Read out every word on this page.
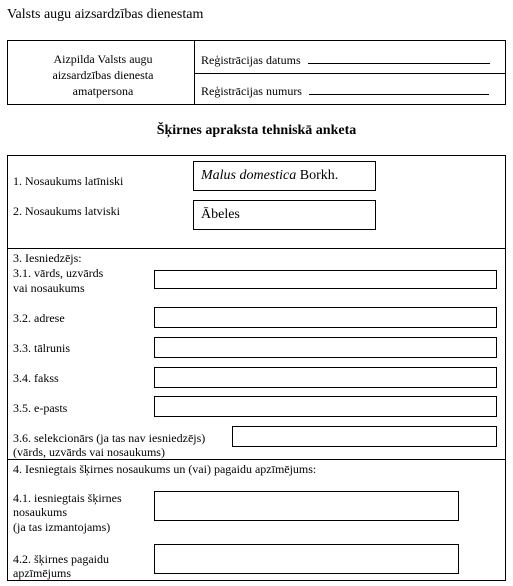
Valsts augu aizsardzības dienestam
Aizpilda Valsts augu aizsardzības dienesta amatpersona
Reģistrācijas datums
Reģistrācijas numurs
Šķirnes apraksta tehniskā anketa
1. Nosaukums latīniski	Malus domestica Borkh.
2. Nosaukums latviski	Ābeles
3. Iesniedzējs:
3.1. vārds, uzvārds
vai nosaukums
3.2. adrese
3.3. tālrunis
3.4. fakss
3.5. e-pasts
3.6. selekcionārs (ja tas nav iesniedzējs)
(vārds, uzvārds vai nosaukums)
4. Iesniegtais šķirnes nosaukums un (vai) pagaidu apzīmējums:
4.1. iesniegtais šķirnes
nosaukums
(ja tas izmantojams)
4.2. šķirnes pagaidu
apzīmējums
